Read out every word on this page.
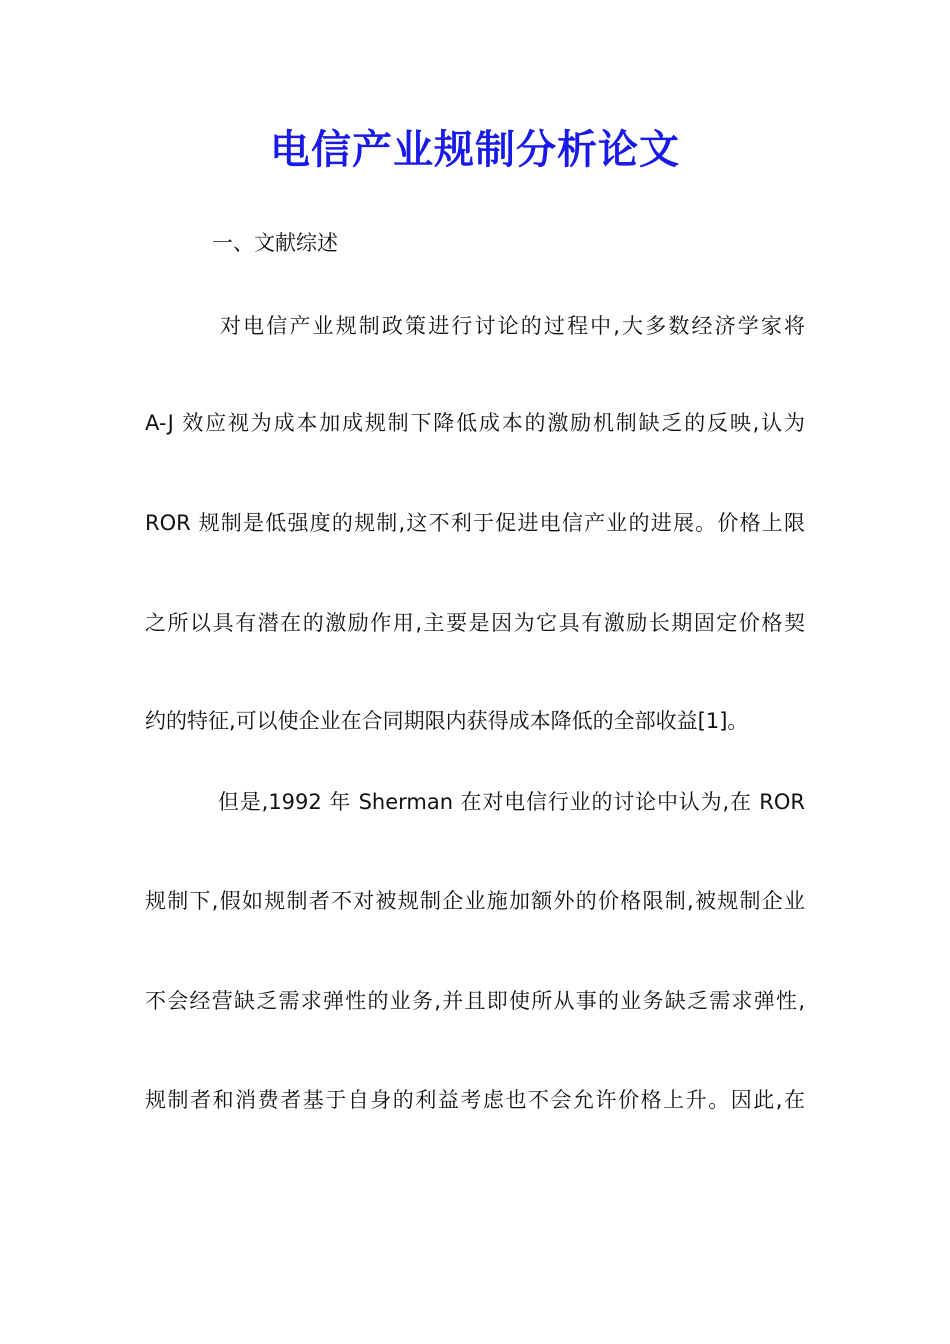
电信产业规制分析论文
一、文献综述
对电信产业规制政策进行讨论的过程中,大多数经济学家将
A-J 效应视为成本加成规制下降低成本的激励机制缺乏的反映,认为
ROR 规制是低强度的规制,这不利于促进电信产业的进展。价格上限
之所以具有潜在的激励作用,主要是因为它具有激励长期固定价格契
约的特征,可以使企业在合同期限内获得成本降低的全部收益[1]。
但是,1992 年 Sherman 在对电信行业的讨论中认为,在 ROR
规制下,假如规制者不对被规制企业施加额外的价格限制,被规制企业
不会经营缺乏需求弹性的业务,并且即使所从事的业务缺乏需求弹性,
规制者和消费者基于自身的利益考虑也不会允许价格上升。因此,在
